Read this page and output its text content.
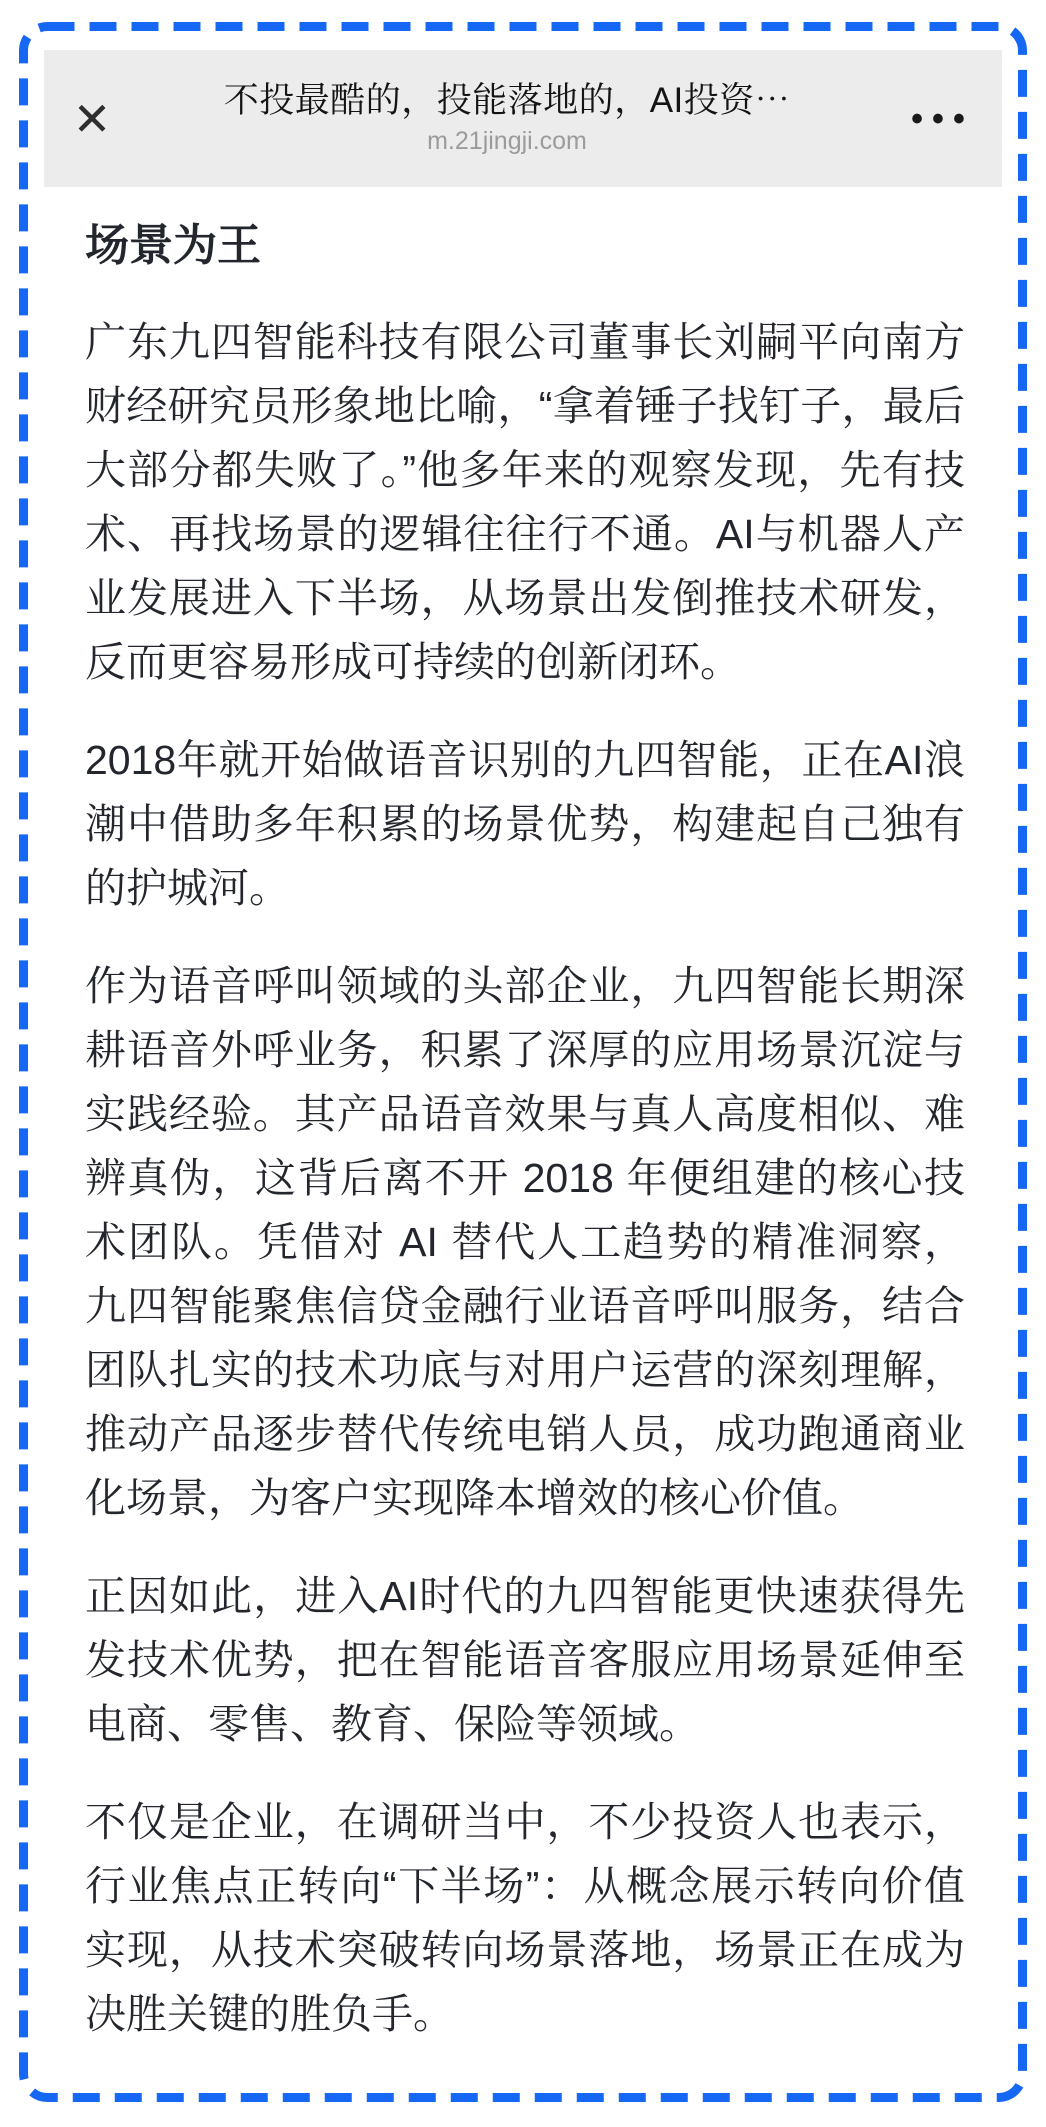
✕	不投最酷的，投能落地的，AI投资⋯
m.21jingji.com
•••
场景为王

广东九四智能科技有限公司董事长刘嗣平向南方财经研究员形象地比喻，“拿着锤子找钉子，最后大部分都失败了。”他多年来的观察发现，先有技术、再找场景的逻辑往往行不通。AI与机器人产业发展进入下半场，从场景出发倒推技术研发，反而更容易形成可持续的创新闭环。

2018年就开始做语音识别的九四智能，正在AI浪潮中借助多年积累的场景优势，构建起自己独有的护城河。

作为语音呼叫领域的头部企业，九四智能长期深耕语音外呼业务，积累了深厚的应用场景沉淀与实践经验。其产品语音效果与真人高度相似、难辨真伪，这背后离不开 2018 年便组建的核心技术团队。凭借对 AI 替代人工趋势的精准洞察，九四智能聚焦信贷金融行业语音呼叫服务，结合团队扎实的技术功底与对用户运营的深刻理解，推动产品逐步替代传统电销人员，成功跑通商业化场景，为客户实现降本增效的核心价值。

正因如此，进入AI时代的九四智能更快速获得先发技术优势，把在智能语音客服应用场景延伸至电商、零售、教育、保险等领域。

不仅是企业，在调研当中，不少投资人也表示，行业焦点正转向“下半场”：从概念展示转向价值实现，从技术突破转向场景落地，场景正在成为决胜关键的胜负手。
